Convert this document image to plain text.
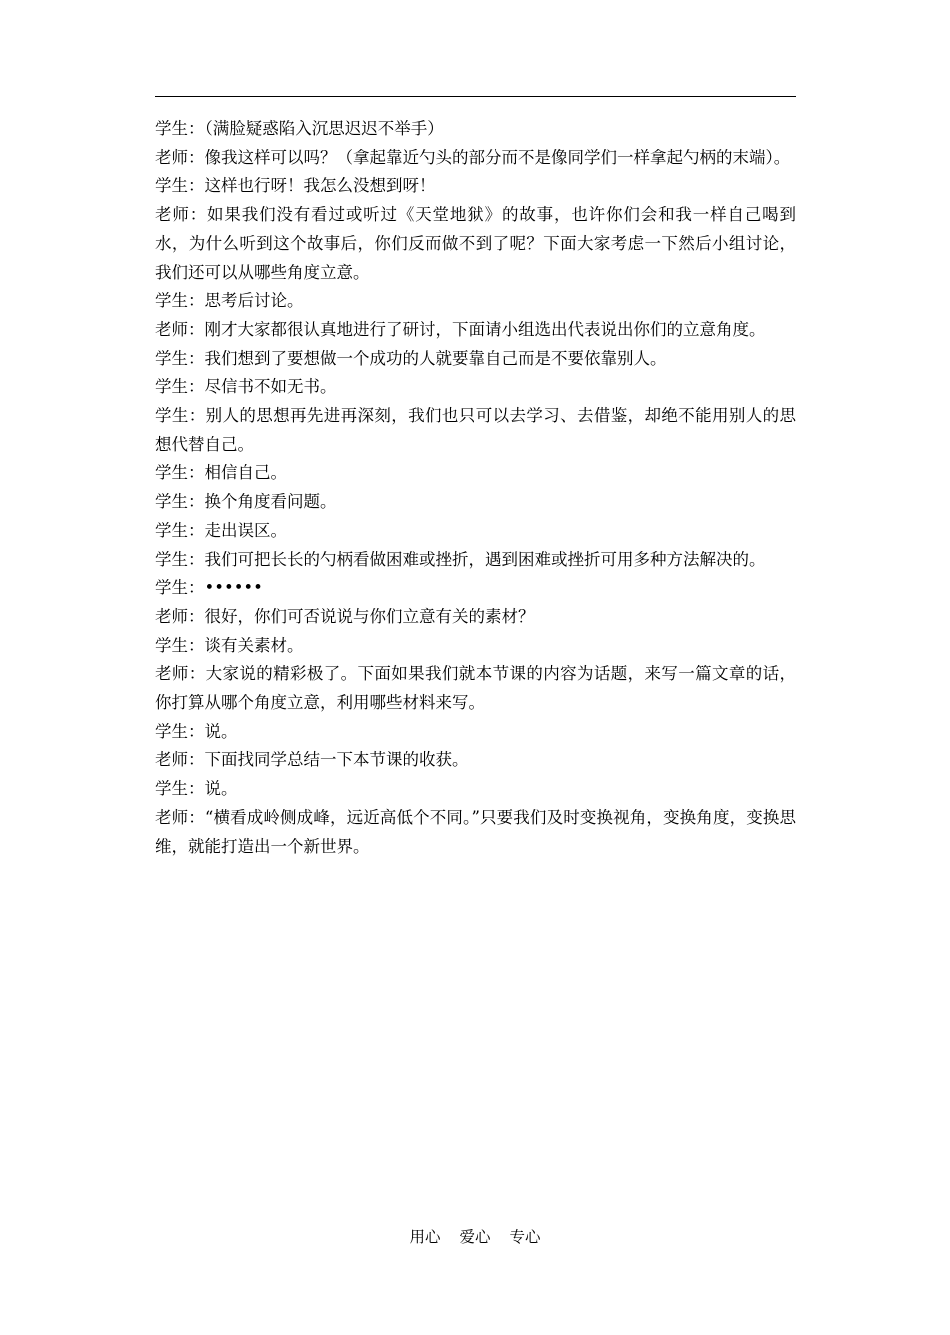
学生：（满脸疑惑陷入沉思迟迟不举手）

老师：像我这样可以吗？（拿起靠近勺头的部分而不是像同学们一样拿起勺柄的末端）。

学生：这样也行呀！我怎么没想到呀！

老师：如果我们没有看过或听过《天堂地狱》的故事，也许你们会和我一样自己喝到水，为什么听到这个故事后，你们反而做不到了呢？下面大家考虑一下然后小组讨论，我们还可以从哪些角度立意。

学生：思考后讨论。

老师：刚才大家都很认真地进行了研讨，下面请小组选出代表说出你们的立意角度。

学生：我们想到了要想做一个成功的人就要靠自己而是不要依靠别人。

学生：尽信书不如无书。

学生：别人的思想再先进再深刻，我们也只可以去学习、去借鉴，却绝不能用别人的思想代替自己。

学生：相信自己。

学生：换个角度看问题。

学生：走出误区。

学生：我们可把长长的勺柄看做困难或挫折，遇到困难或挫折可用多种方法解决的。

学生：••••••

老师：很好，你们可否说说与你们立意有关的素材？

学生：谈有关素材。

老师：大家说的精彩极了。下面如果我们就本节课的内容为话题，来写一篇文章的话，你打算从哪个角度立意，利用哪些材料来写。

学生：说。

老师：下面找同学总结一下本节课的收获。

学生：说。

老师：“横看成岭侧成峰，远近高低个不同。”只要我们及时变换视角，变换角度，变换思维，就能打造出一个新世界。

用心 爱心 专心
